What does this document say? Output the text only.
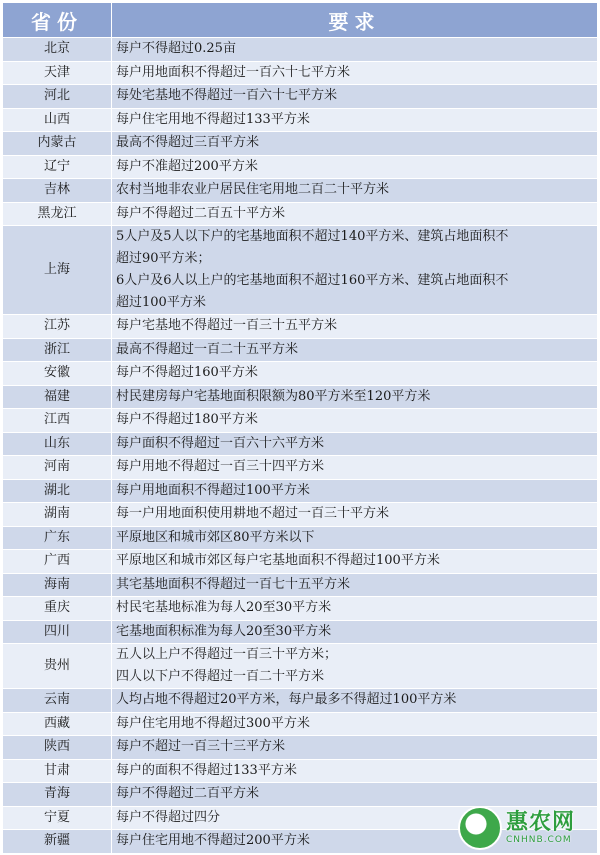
省份	要求
北京	每户不得超过0.25亩

天津	每户用地面积不得超过一百六十七平方米

河北	每处宅基地不得超过一百六十七平方米

山西	每户住宅用地不得超过133平方米

内蒙古	最高不得超过三百平方米

辽宁	每户不准超过200平方米

吉林	农村当地非农业户居民住宅用地二百二十平方米

黑龙江	每户不得超过二百五十平方米

上海	5人户及5人以下户的宅基地面积不超过140平方米、建筑占地面积不
超过90平方米；
6人户及6人以上户的宅基地面积不超过160平方米、建筑占地面积不
超过100平方米

江苏	每户宅基地不得超过一百三十五平方米

浙江	最高不得超过一百二十五平方米

安徽	每户不得超过160平方米

福建	村民建房每户宅基地面积限额为80平方米至120平方米

江西	每户不得超过180平方米

山东	每户面积不得超过一百六十六平方米

河南	每户用地不得超过一百三十四平方米

湖北	每户用地面积不得超过100平方米

湖南	每一户用地面积使用耕地不超过一百三十平方米

广东	平原地区和城市郊区80平方米以下

广西	平原地区和城市郊区每户宅基地面积不得超过100平方米

海南	其宅基地面积不得超过一百七十五平方米

重庆	村民宅基地标准为每人20至30平方米

四川	宅基地面积标准为每人20至30平方米

贵州	五人以上户不得超过一百三十平方米；
四人以下户不得超过一百二十平方米

云南	人均占地不得超过20平方米，每户最多不得超过100平方米

西藏	每户住宅用地不得超过300平方米

陕西	每户不超过一百三十三平方米

甘肃	每户的面积不得超过133平方米

青海	每户不得超过二百平方米

宁夏	每户不得超过四分

新疆	每户住宅用地不得超过200平方米
惠农网
CNHNB.COM
